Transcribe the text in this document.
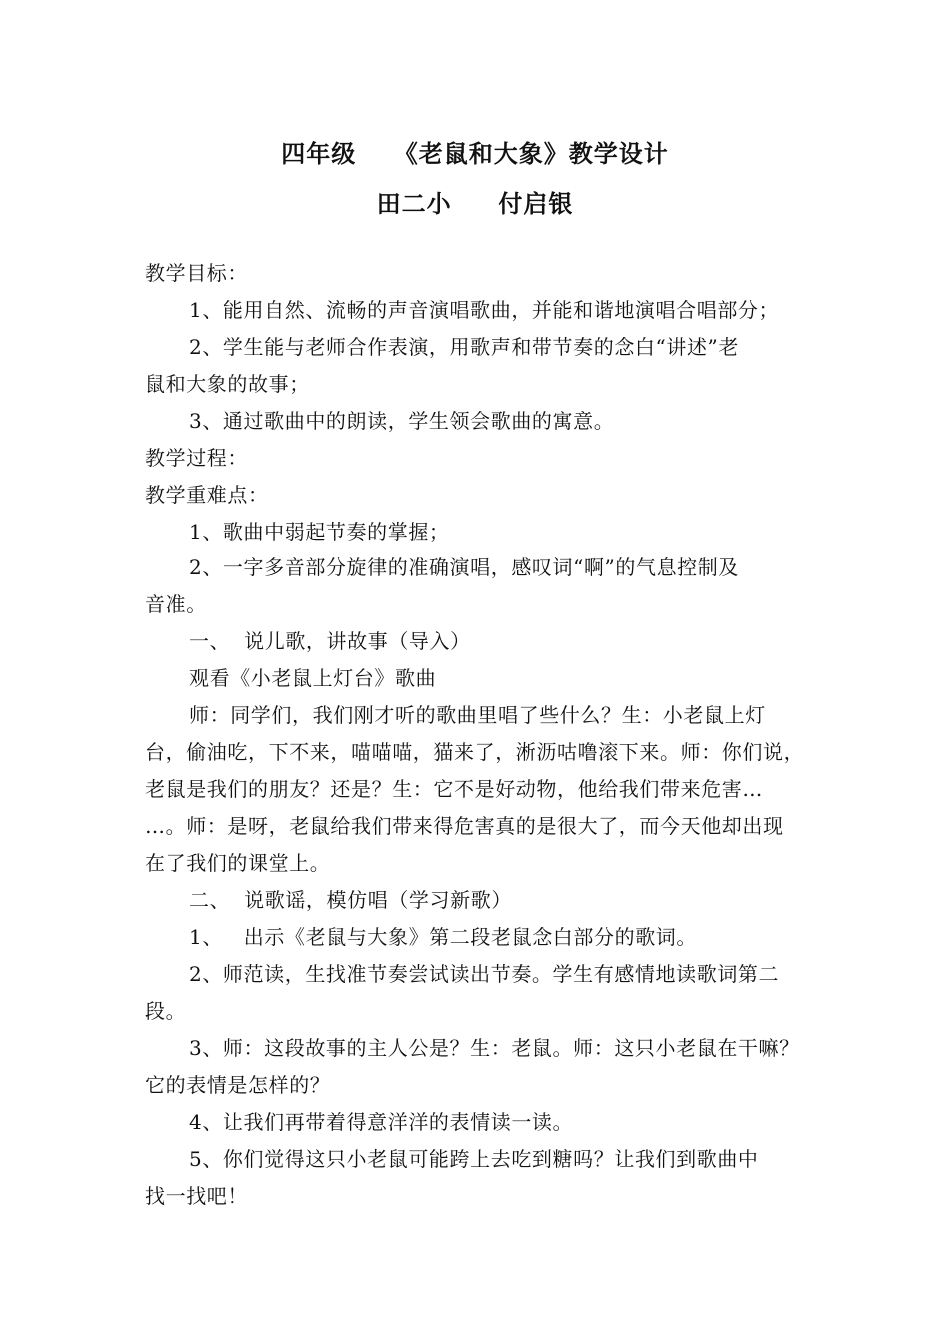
四年级    《老鼠和大象》教学设计
田二小     付启银
教学目标：
1、能用自然、流畅的声音演唱歌曲，并能和谐地演唱合唱部分；
2、学生能与老师合作表演，用歌声和带节奏的念白“讲述”老
鼠和大象的故事；
3、通过歌曲中的朗读，学生领会歌曲的寓意。
教学过程：
教学重难点：
1、歌曲中弱起节奏的掌握；
2、一字多音部分旋律的准确演唱，感叹词“啊”的气息控制及
音准。
一、  说儿歌，讲故事（导入）
观看《小老鼠上灯台》歌曲
师：同学们，我们刚才听的歌曲里唱了些什么？生：小老鼠上灯
台，偷油吃，下不来，喵喵喵，猫来了，淅沥咕噜滚下来。师：你们说，
老鼠是我们的朋友？还是？生：它不是好动物，他给我们带来危害…
…。师：是呀，老鼠给我们带来得危害真的是很大了，而今天他却出现
在了我们的课堂上。
二、  说歌谣，模仿唱（学习新歌）
1、   出示《老鼠与大象》第二段老鼠念白部分的歌词。
2、师范读，生找准节奏尝试读出节奏。学生有感情地读歌词第二
段。
3、师：这段故事的主人公是？生：老鼠。师：这只小老鼠在干嘛？
它的表情是怎样的？
4、让我们再带着得意洋洋的表情读一读。
5、你们觉得这只小老鼠可能跨上去吃到糖吗？让我们到歌曲中
找一找吧！
